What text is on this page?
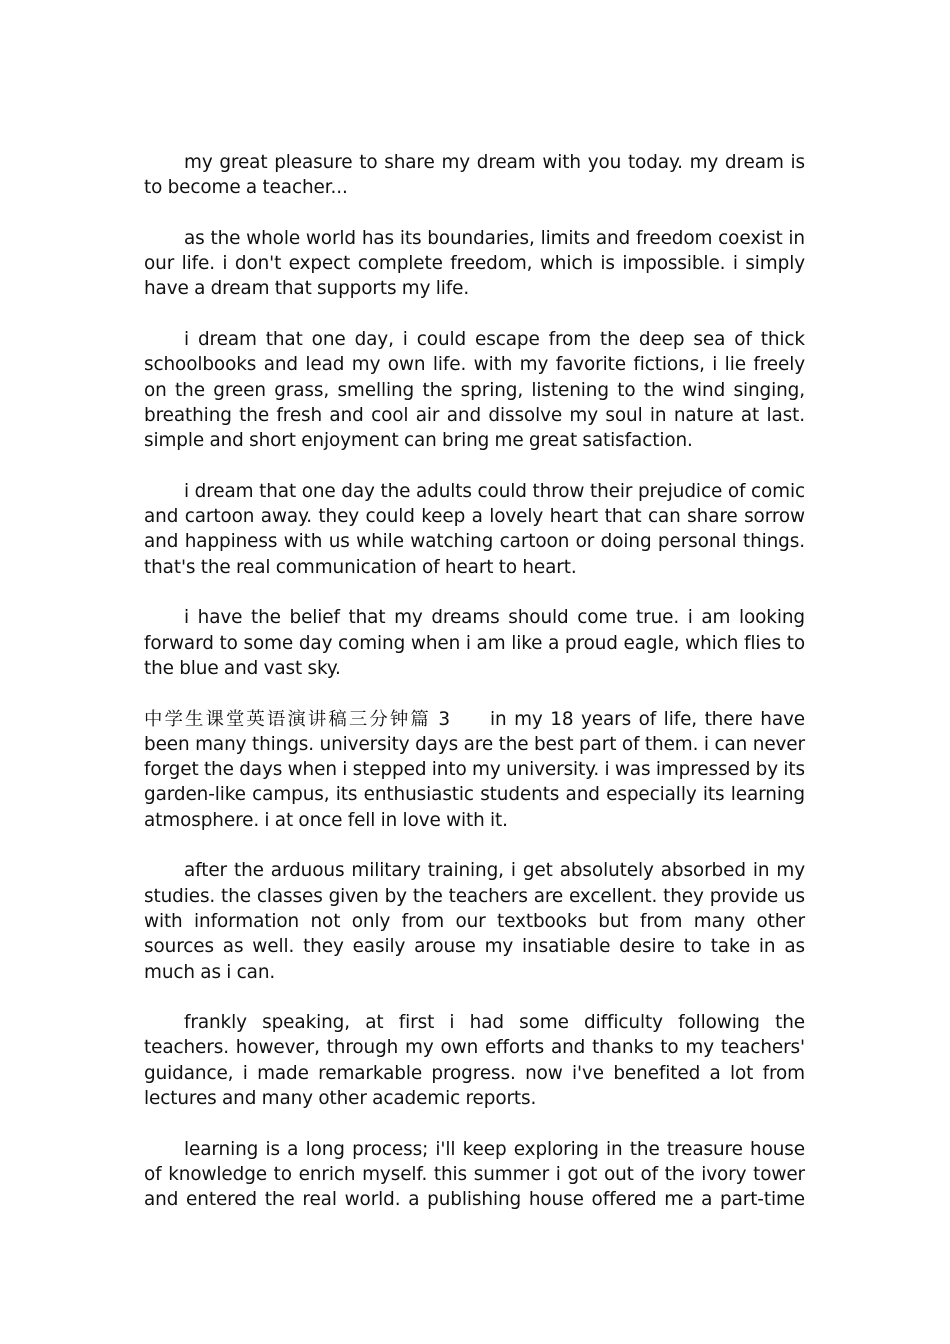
my great pleasure to share my dream with you today. my dream is to become a teacher...

as the whole world has its boundaries, limits and freedom coexist in our life. i don't expect complete freedom, which is impossible. i simply have a dream that supports my life.

i dream that one day, i could escape from the deep sea of thick schoolbooks and lead my own life. with my favorite fictions, i lie freely on the green grass, smelling the spring, listening to the wind singing, breathing the fresh and cool air and dissolve my soul in nature at last. simple and short enjoyment can bring me great satisfaction.

i dream that one day the adults could throw their prejudice of comic and cartoon away. they could keep a lovely heart that can share sorrow and happiness with us while watching cartoon or doing personal things. that's the real communication of heart to heart.

i have the belief that my dreams should come true. i am looking forward to some day coming when i am like a proud eagle, which flies to the blue and vast sky.

中学生课堂英语演讲稿三分钟篇 3 in my 18 years of life, there have been many things. university days are the best part of them. i can never forget the days when i stepped into my university. i was impressed by its garden-like campus, its enthusiastic students and especially its learning atmosphere. i at once fell in love with it.

after the arduous military training, i get absolutely absorbed in my studies. the classes given by the teachers are excellent. they provide us with information not only from our textbooks but from many other sources as well. they easily arouse my insatiable desire to take in as much as i can.

frankly speaking, at first i had some difficulty following the teachers. however, through my own efforts and thanks to my teachers' guidance, i made remarkable progress. now i've benefited a lot from lectures and many other academic reports.

learning is a long process; i'll keep exploring in the treasure house of knowledge to enrich myself. this summer i got out of the ivory tower and entered the real world. a publishing house offered me a part-time
